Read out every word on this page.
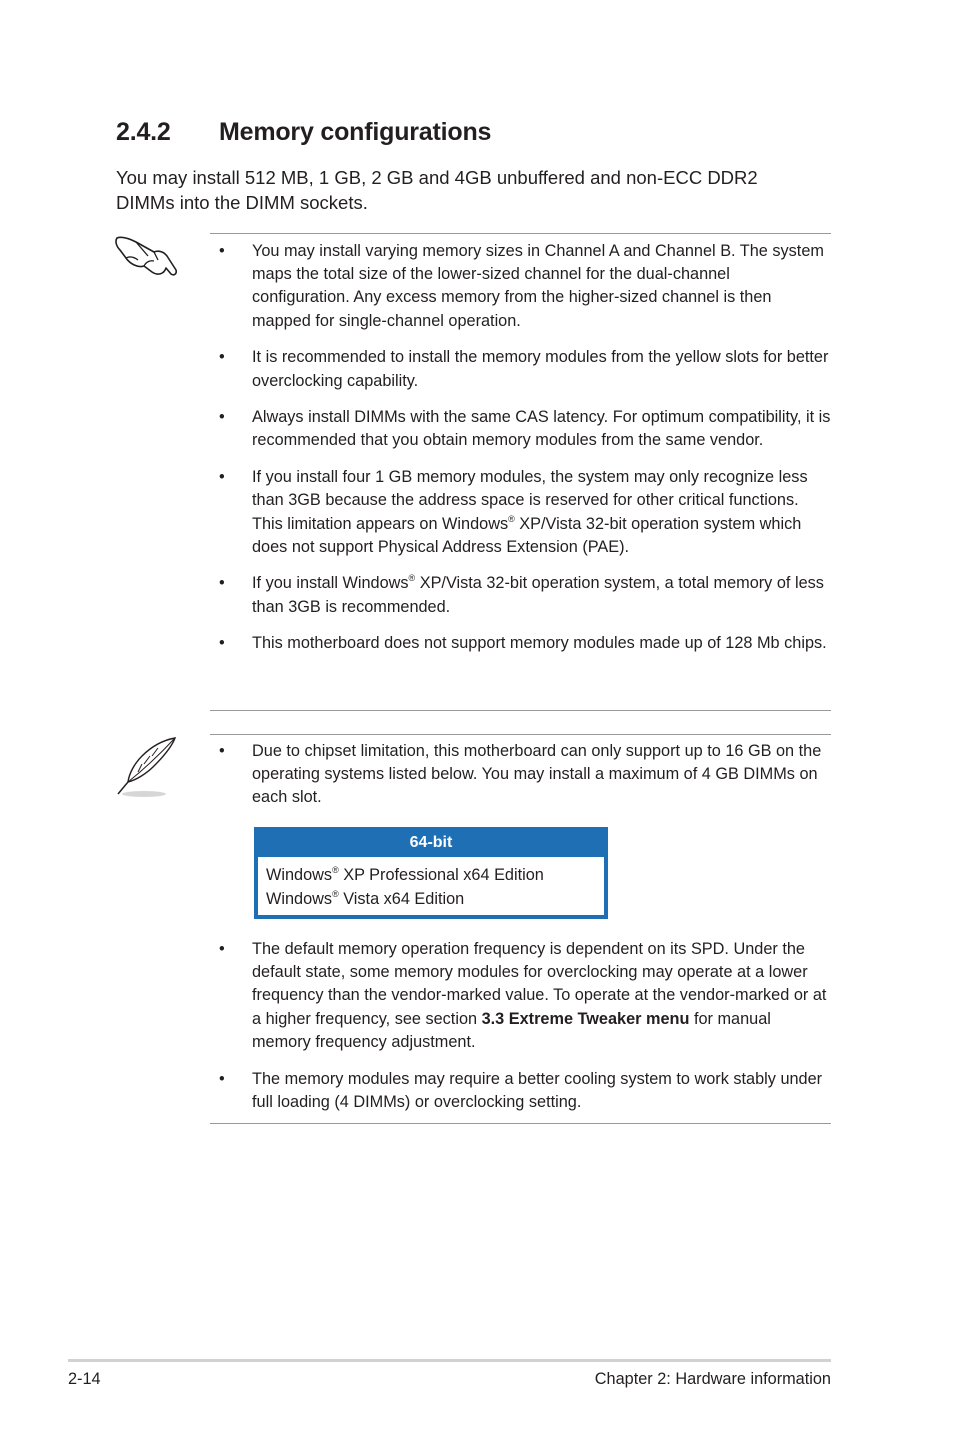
2.4.2 Memory configurations
You may install 512 MB, 1 GB, 2 GB and 4GB unbuffered and non-ECC DDR2 DIMMs into the DIMM sockets.
• You may install varying memory sizes in Channel A and Channel B. The system maps the total size of the lower-sized channel for the dual-channel configuration. Any excess memory from the higher-sized channel is then mapped for single-channel operation.
• It is recommended to install the memory modules from the yellow slots for better overclocking capability.
• Always install DIMMs with the same CAS latency. For optimum compatibility, it is recommended that you obtain memory modules from the same vendor.
• If you install four 1 GB memory modules, the system may only recognize less than 3GB because the address space is reserved for other critical functions. This limitation appears on Windows® XP/Vista 32-bit operation system which does not support Physical Address Extension (PAE).
• If you install Windows® XP/Vista 32-bit operation system, a total memory of less than 3GB is recommended.
• This motherboard does not support memory modules made up of 128 Mb chips.
• Due to chipset limitation, this motherboard can only support up to 16 GB on the operating systems listed below. You may install a maximum of 4 GB DIMMs on each slot.
64-bit
Windows® XP Professional x64 Edition
Windows® Vista x64 Edition
• The default memory operation frequency is dependent on its SPD. Under the default state, some memory modules for overclocking may operate at a lower frequency than the vendor-marked value. To operate at the vendor-marked or at a higher frequency, see section 3.3 Extreme Tweaker menu for manual memory frequency adjustment.
• The memory modules may require a better cooling system to work stably under full loading (4 DIMMs) or overclocking setting.
2-14	Chapter 2: Hardware information
